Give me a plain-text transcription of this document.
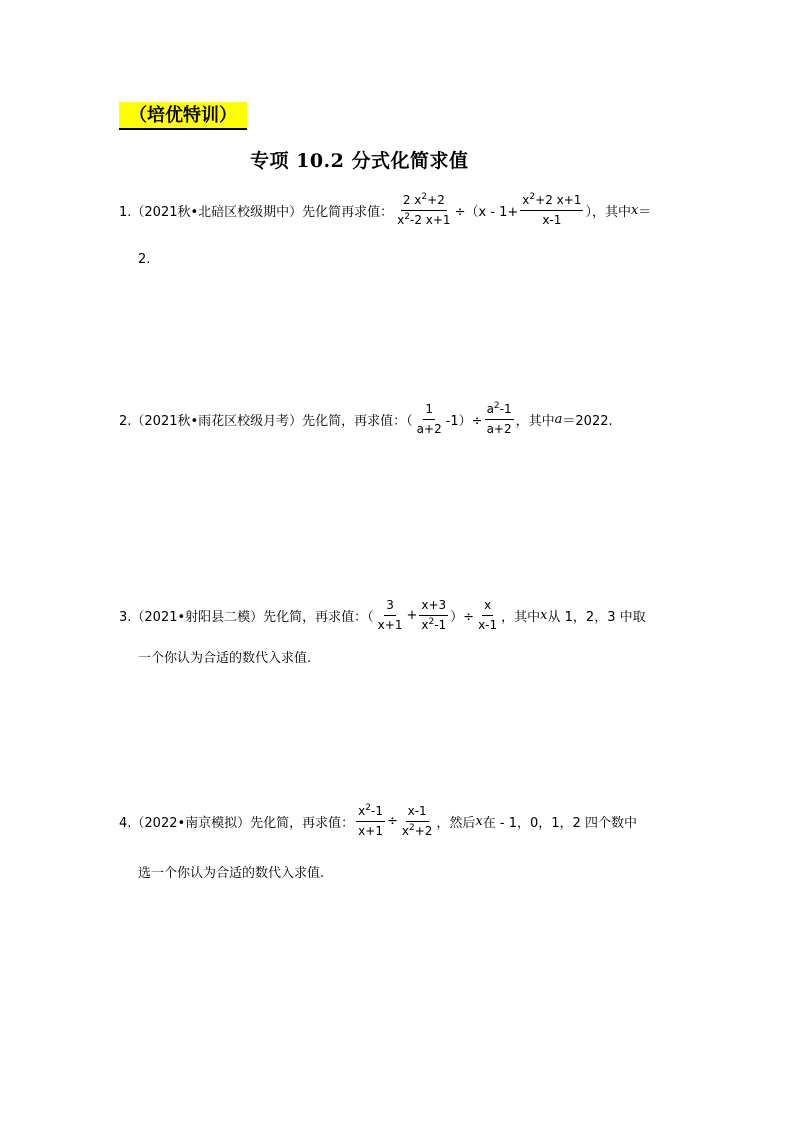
（培优特训）
专项 10.2 分式化简求值
1.（2021秋•北碚区校级期中）先化简再求值： $\frac{2 x^2+2}{x^2-2 x+1} \div(x - 1+ \frac{x^2+2 x+1}{x-1}$ ），其中 x ＝
2.
2.（2021秋•雨花区校级月考）先化简，再求值：（ $\frac{1}{a+2} -1)\div \frac{a^2-1}{a+2}$ ，其中 a ＝2022.
3.（2021•射阳县二模）先化简，再求值：（ $\frac{3}{x+1} + \frac{x+3}{x^2-1}$ ）÷ $\frac{x}{x-1}$ ，其中 x 从 1，2，3 中取
一个你认为合适的数代入求值.
4.（2022•南京模拟）先化简，再求值： $\frac{x^2-1}{x+1} \div \frac{x-1}{x^2+2}$ ，然后 x 在 - 1，0，1，2 四个数中
选一个你认为合适的数代入求值.
